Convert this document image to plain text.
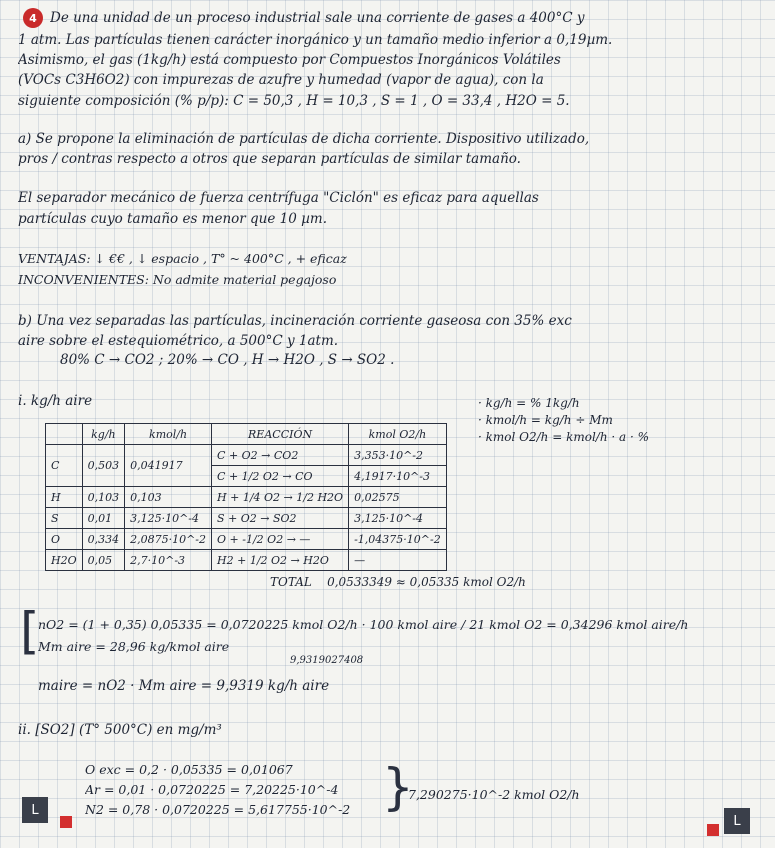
4 De una unidad de un proceso industrial sale una corriente de gases a 400°C y
1 atm. Las partículas tienen carácter inorgánico y un tamaño medio inferior a 0,19µm.
Asimismo, el gas (1kg/h) está compuesto por Compuestos Inorgánicos Volátiles
(VOCs C3H6O2) con impurezas de azufre y humedad (vapor de agua), con la
siguiente composición (% p/p): C = 50,3 , H = 10,3 , S = 1 , O = 33,4 , H2O = 5.
a) Se propone la eliminación de partículas de dicha corriente. Dispositivo utilizado,
pros / contras respecto a otros que separan partículas de similar tamaño.
El separador mecánico de fuerza centrífuga "Ciclón" es eficaz para aquellas
partículas cuyo tamaño es menor que 10 µm.
VENTAJAS: ↓ €€ , ↓ espacio , T° ~ 400°C , + eficaz
INCONVENIENTES: No admite material pegajoso
b) Una vez separadas las partículas, incineración corriente gaseosa con 35% exc
aire sobre el estequiométrico, a 500°C y 1atm.
80% C → CO2 ; 20% → CO , H → H2O , S → SO2 .
i. kg/h aire	· kg/h = % 1kg/h
· kmol/h = kg/h ÷ Mm
· kmol O2/h = kmol/h · a · %
	kg/h	kmol/h	REACCIÓN	kmol O2/h
C	0,503	0,041917	C + O2 → CO2	3,353·10^-2
			C + 1/2 O2 → CO	4,1917·10^-3
H	0,103	0,103	H + 1/4 O2 → 1/2 H2O	0,02575
S	0,01	3,125·10^-4	S + O2 → SO2	3,125·10^-4
O	0,334	2,0875·10^-2	O + -1/2 O2 → —	-1,04375·10^-2
H2O	0,05	2,7·10^-3	H2 + 1/2 O2 → H2O	—
TOTAL 0,0533349 ≈ 0,05335 kmol O2/h
[
nO2 = (1 + 0,35) 0,05335 = 0,0720225 kmol O2/h · 100 kmol aire / 21 kmol O2 = 0,34296 kmol aire/h
Mm aire = 28,96 kg/kmol aire
9,9319027408
maire = nO2 · Mm aire = 9,9319 kg/h aire
ii. [SO2] (T° 500°C) en mg/m³
O exc = 0,2 · 0,05335 = 0,01067
Ar = 0,01 · 0,0720225 = 7,20225·10^-4
N2 = 0,78 · 0,0720225 = 5,617755·10^-2 }
7,290275·10^-2 kmol O2/h
L
L
